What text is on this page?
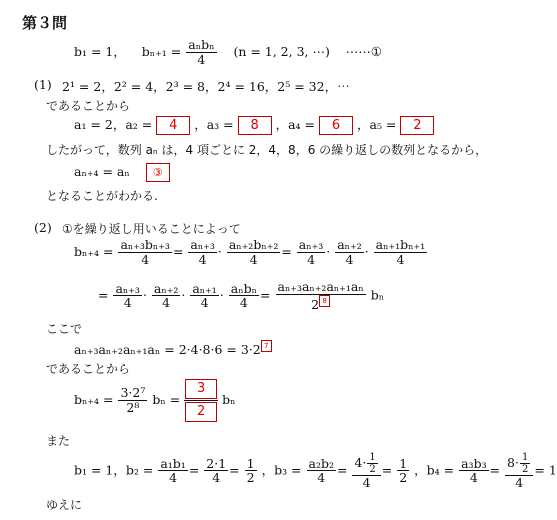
第３問
b₁ = 1， bₙ₊₁ = aₙbₙ
4
(n = 1, 2, 3, ⋯) ⋯⋯①
(1) 2¹ = 2，2² = 4，2³ = 8，2⁴ = 16，2⁵ = 32，⋯
であることから
a₁ = 2，a₂ = 4 ，a₃ = 8 ，a₄ = 6 ，a₅ = 2
したがって，数列 aₙ は，4 項ごとに 2，4，8，6 の繰り返しの数列となるから，
aₙ₊₄ = aₙ ③
となることがわかる.
(2) ①を繰り返し用いることによって
$b_{n+4} = \frac{\text{aₙ₊₃bₙ₊₃}}{4} = \frac{\text{aₙ₊₃}}{4} \cdot \frac{\text{aₙ₊₂bₙ₊₂}}{4} = \frac{\text{aₙ₊₃}}{4} \cdot \frac{\text{aₙ₊₂}}{4} \cdot \frac{\text{aₙ₊₁bₙ₊₁}}{4}$
= $\frac{\text{aₙ₊₃}}{4} \cdot \frac{\text{aₙ₊₂}}{4} \cdot \frac{\text{aₙ₊₁}}{4} \cdot a_nb_n$
4
= $\frac{\text{aₙ₊₃aₙ₊₂aₙ₊₁aₙ}}{2 8}$ bₙ
ここで
aₙ₊₃aₙ₊₂aₙ₊₁aₙ = 2·4·8·6 = 3·2 7
であることから
$b_{n+4} = \frac{\text{3·2⁷}}{\text{2⁸}}$ $b_n = \frac{3}{2}$ bₙ
また
b₁ = 1，$b_2 = \frac{\text{a₁b₁}}{4} = \frac{2\cdot 1}{4} = \frac{1}{2}$ ，$b_3 = \frac{\text{a₂b₂}}{4} = \frac{4\cdot \frac{1}{2}}{4} = \frac{1}{2}$ ，$b_4 = \frac{\text{a₃b₃}}{4} = \frac{8\cdot \frac{1}{2}}{4} = 1$
ゆえに
